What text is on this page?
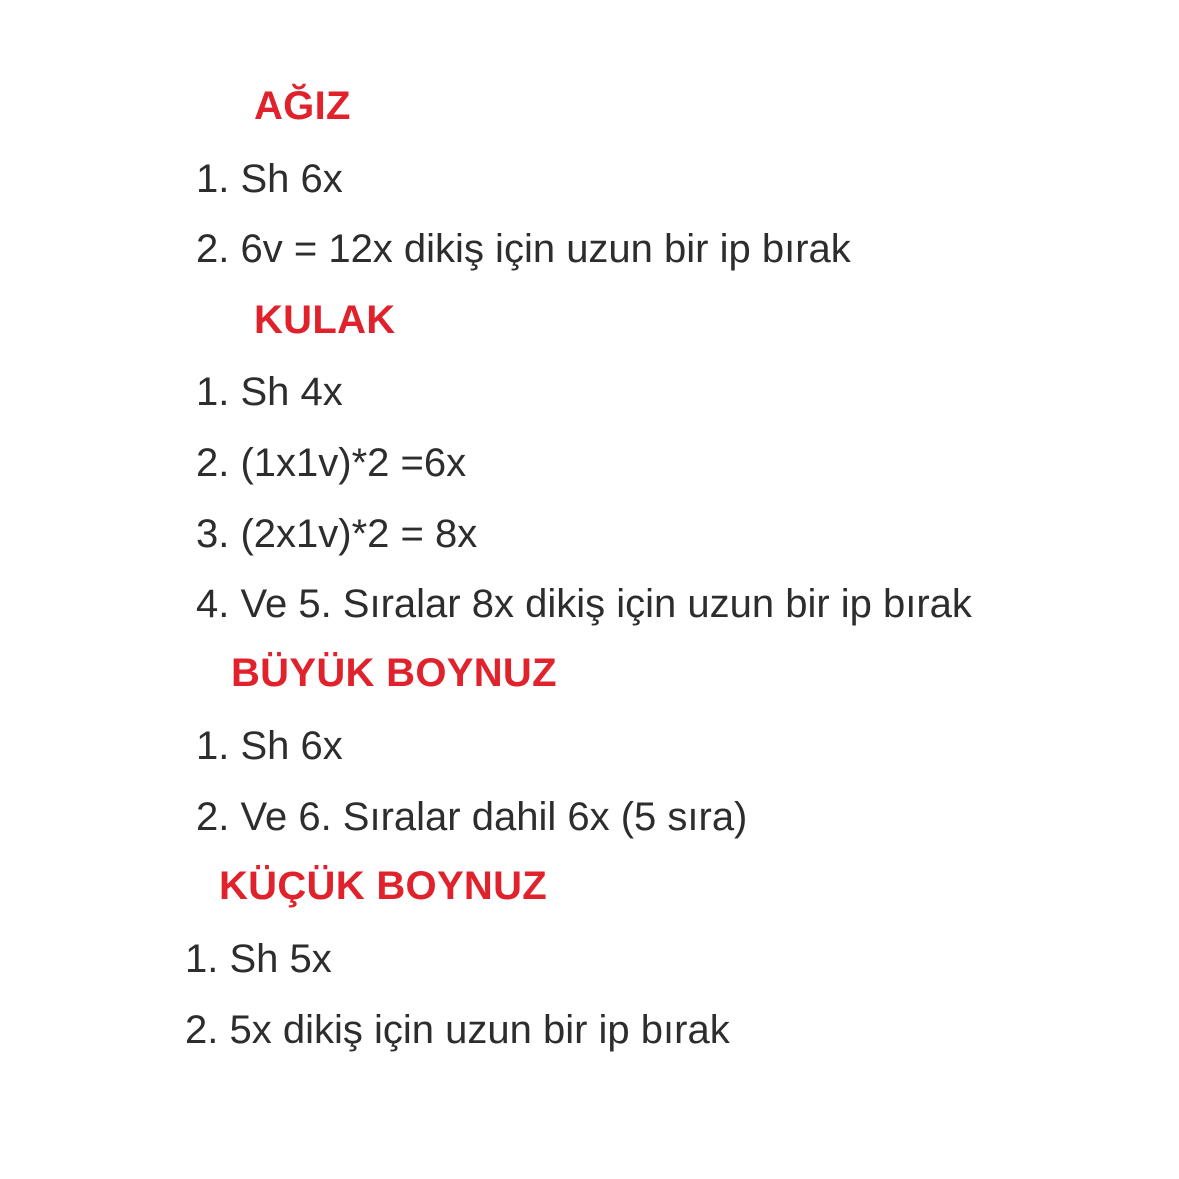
AĞIZ
1. Sh 6x
2. 6v = 12x dikiş için uzun bir ip bırak
KULAK
1. Sh 4x
2. (1x1v)*2 =6x
3. (2x1v)*2 = 8x
4. Ve 5. Sıralar 8x dikiş için uzun bir ip bırak
BÜYÜK BOYNUZ
1. Sh 6x
2. Ve 6. Sıralar dahil 6x (5 sıra)
KÜÇÜK BOYNUZ
1. Sh 5x
2. 5x dikiş için uzun bir ip bırak
